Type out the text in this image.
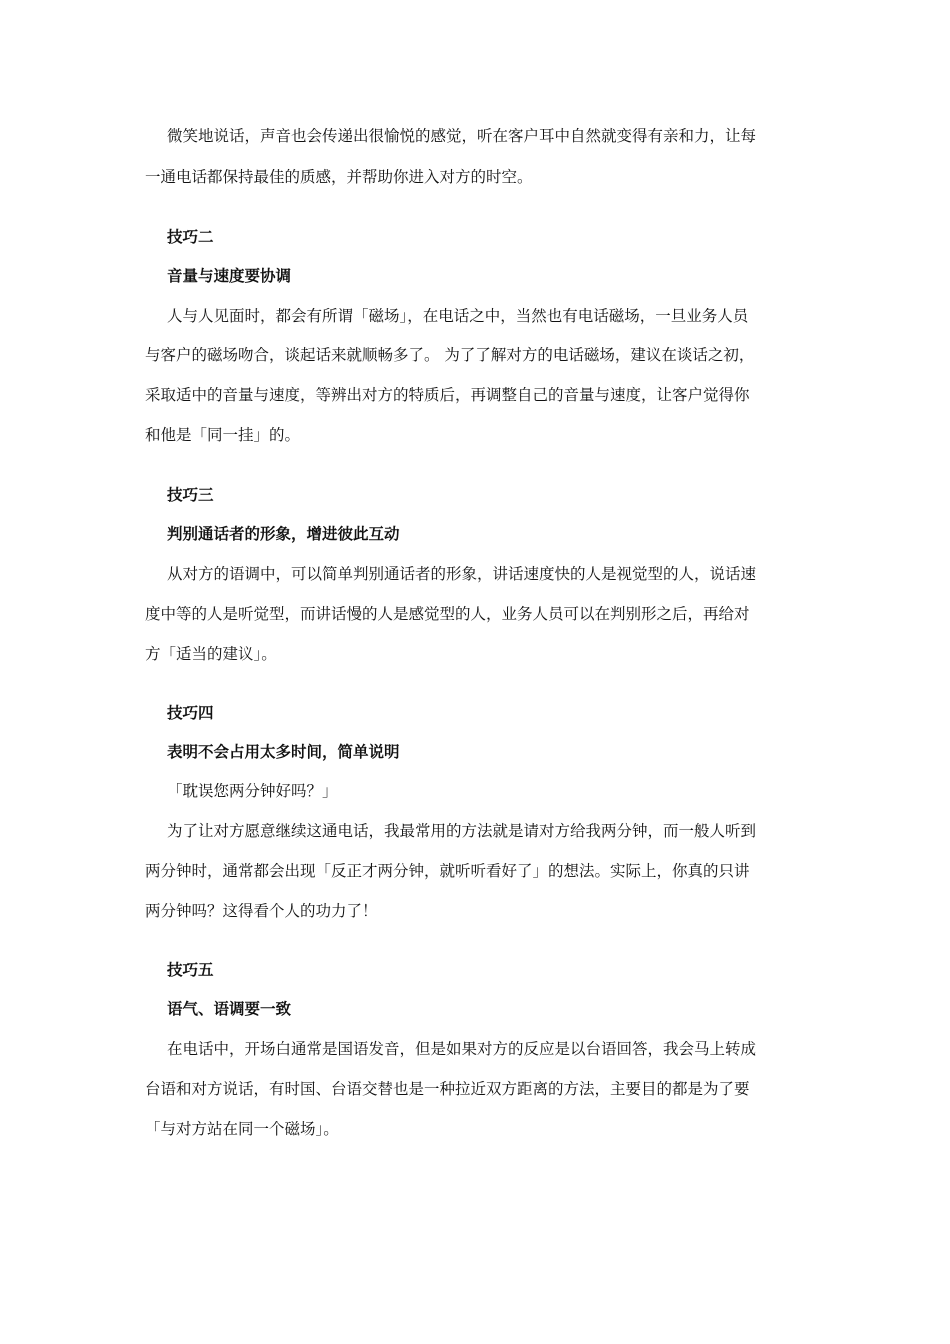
微笑地说话，声音也会传递出很愉悦的感觉，听在客户耳中自然就变得有亲和力，让每
一通电话都保持最佳的质感，并帮助你进入对方的时空。
技巧二
音量与速度要协调
人与人见面时，都会有所谓「磁场」，在电话之中，当然也有电话磁场，一旦业务人员
与客户的磁场吻合，谈起话来就顺畅多了。 为了了解对方的电话磁场，建议在谈话之初，
采取适中的音量与速度，等辨出对方的特质后，再调整自己的音量与速度，让客户觉得你
和他是「同一挂」的。
技巧三
判别通话者的形象，增进彼此互动
从对方的语调中，可以简单判别通话者的形象，讲话速度快的人是视觉型的人，说话速
度中等的人是听觉型，而讲话慢的人是感觉型的人，业务人员可以在判别形之后，再给对
方「适当的建议」。
技巧四
表明不会占用太多时间，简单说明
「耽误您两分钟好吗？」
为了让对方愿意继续这通电话，我最常用的方法就是请对方给我两分钟，而一般人听到
两分钟时，通常都会出现「反正才两分钟，就听听看好了」的想法。实际上，你真的只讲
两分钟吗？这得看个人的功力了！
技巧五
语气、语调要一致
在电话中，开场白通常是国语发音，但是如果对方的反应是以台语回答，我会马上转成
台语和对方说话，有时国、台语交替也是一种拉近双方距离的方法，主要目的都是为了要
「与对方站在同一个磁场」。
